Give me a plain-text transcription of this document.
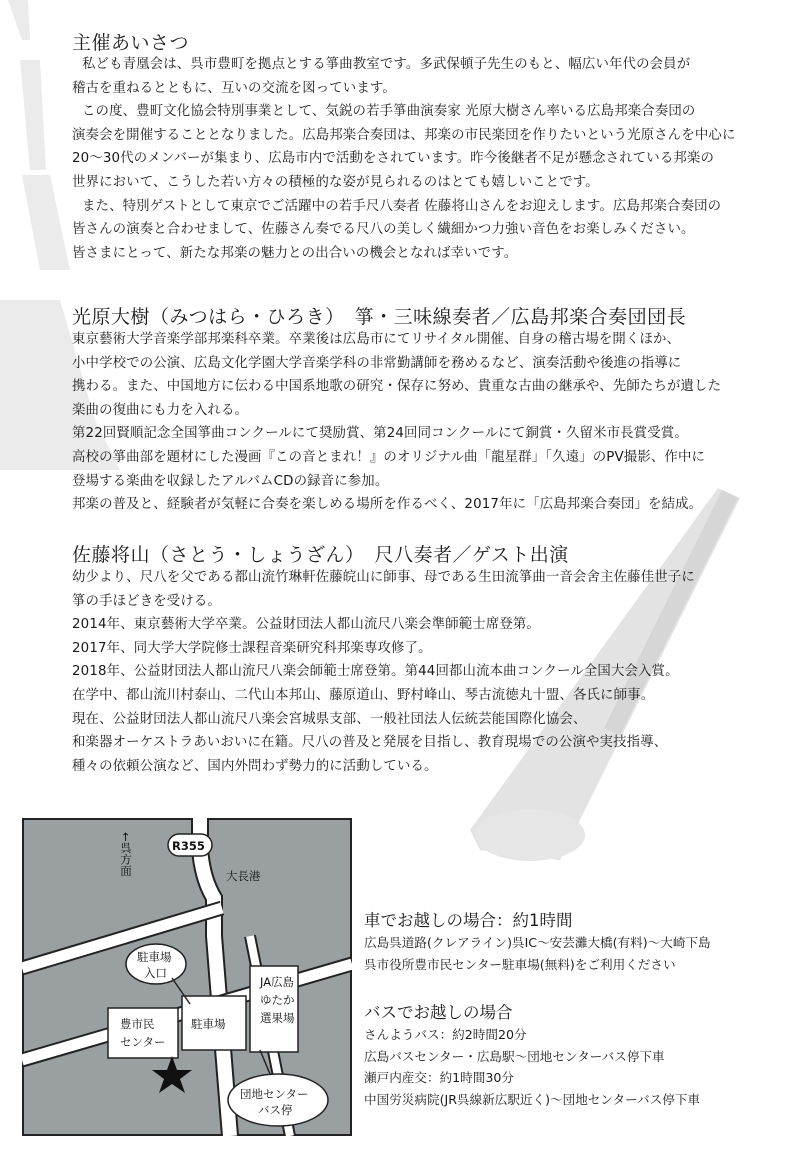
主催あいさつ
私ども青凰会は、呉市豊町を拠点とする箏曲教室です。多武保頓子先生のもと、幅広い年代の会員が
稽古を重ねるとともに、互いの交流を図っています。
この度、豊町文化協会特別事業として、気鋭の若手箏曲演奏家 光原大樹さん率いる広島邦楽合奏団の
演奏会を開催することとなりました。広島邦楽合奏団は、邦楽の市民楽団を作りたいという光原さんを中心に
20～30代のメンバーが集まり、広島市内で活動をされています。昨今後継者不足が懸念されている邦楽の
世界において、こうした若い方々の積極的な姿が見られるのはとても嬉しいことです。
また、特別ゲストとして東京でご活躍中の若手尺八奏者 佐藤将山さんをお迎えします。広島邦楽合奏団の
皆さんの演奏と合わせまして、佐藤さん奏でる尺八の美しく繊細かつ力強い音色をお楽しみください。
皆さまにとって、新たな邦楽の魅力との出合いの機会となれば幸いです。
光原大樹（みつはら・ひろき）　箏・三味線奏者／広島邦楽合奏団団長
東京藝術大学音楽学部邦楽科卒業。卒業後は広島市にてリサイタル開催、自身の稽古場を開くほか、
小中学校での公演、広島文化学園大学音楽学科の非常勤講師を務めるなど、演奏活動や後進の指導に
携わる。また、中国地方に伝わる中国系地歌の研究・保存に努め、貴重な古曲の継承や、先師たちが遺した
楽曲の復曲にも力を入れる。
第22回賢順記念全国箏曲コンクールにて奨励賞、第24回同コンクールにて銅賞・久留米市長賞受賞。
高校の箏曲部を題材にした漫画『この音とまれ！』のオリジナル曲「龍星群」「久遠」のPV撮影、作中に
登場する楽曲を収録したアルバムCDの録音に参加。
邦楽の普及と、経験者が気軽に合奏を楽しめる場所を作るべく、2017年に「広島邦楽合奏団」を結成。
佐藤将山（さとう・しょうざん）　尺八奏者／ゲスト出演
幼少より、尺八を父である都山流竹琳軒佐藤皖山に師事、母である生田流箏曲一音会舍主佐藤佳世子に
箏の手ほどきを受ける。
2014年、東京藝術大学卒業。公益財団法人都山流尺八楽会準師範士席登第。
2017年、同大学大学院修士課程音楽研究科邦楽専攻修了。
2018年、公益財団法人都山流尺八楽会師範士席登第。第44回都山流本曲コンクール全国大会入賞。
在学中、都山流川村泰山、二代山本邦山、藤原道山、野村峰山、琴古流徳丸十盟、各氏に師事。
現在、公益財団法人都山流尺八楽会宮城県支部、一般社団法人伝統芸能国際化協会、
和楽器オーケストラあいおいに在籍。尺八の普及と発展を目指し、教育現場での公演や実技指導、
種々の依頼公演など、国内外問わず勢力的に活動している。
JA広島 ゆたか 選果場
駐車場
豊市民 センター
駐車場 入口
団地センター バス停
R355
大長港
←呉方面
車でお越しの場合：約1時間
広島呉道路(クレアライン)呉IC～安芸灘大橋(有料)～大崎下島
呉市役所豊市民センター駐車場(無料)をご利用ください
バスでお越しの場合
さんようバス：約2時間20分
広島バスセンター・広島駅～団地センターバス停下車
瀬戸内産交：約1時間30分
中国労災病院(JR呉線新広駅近く)～団地センターバス停下車
